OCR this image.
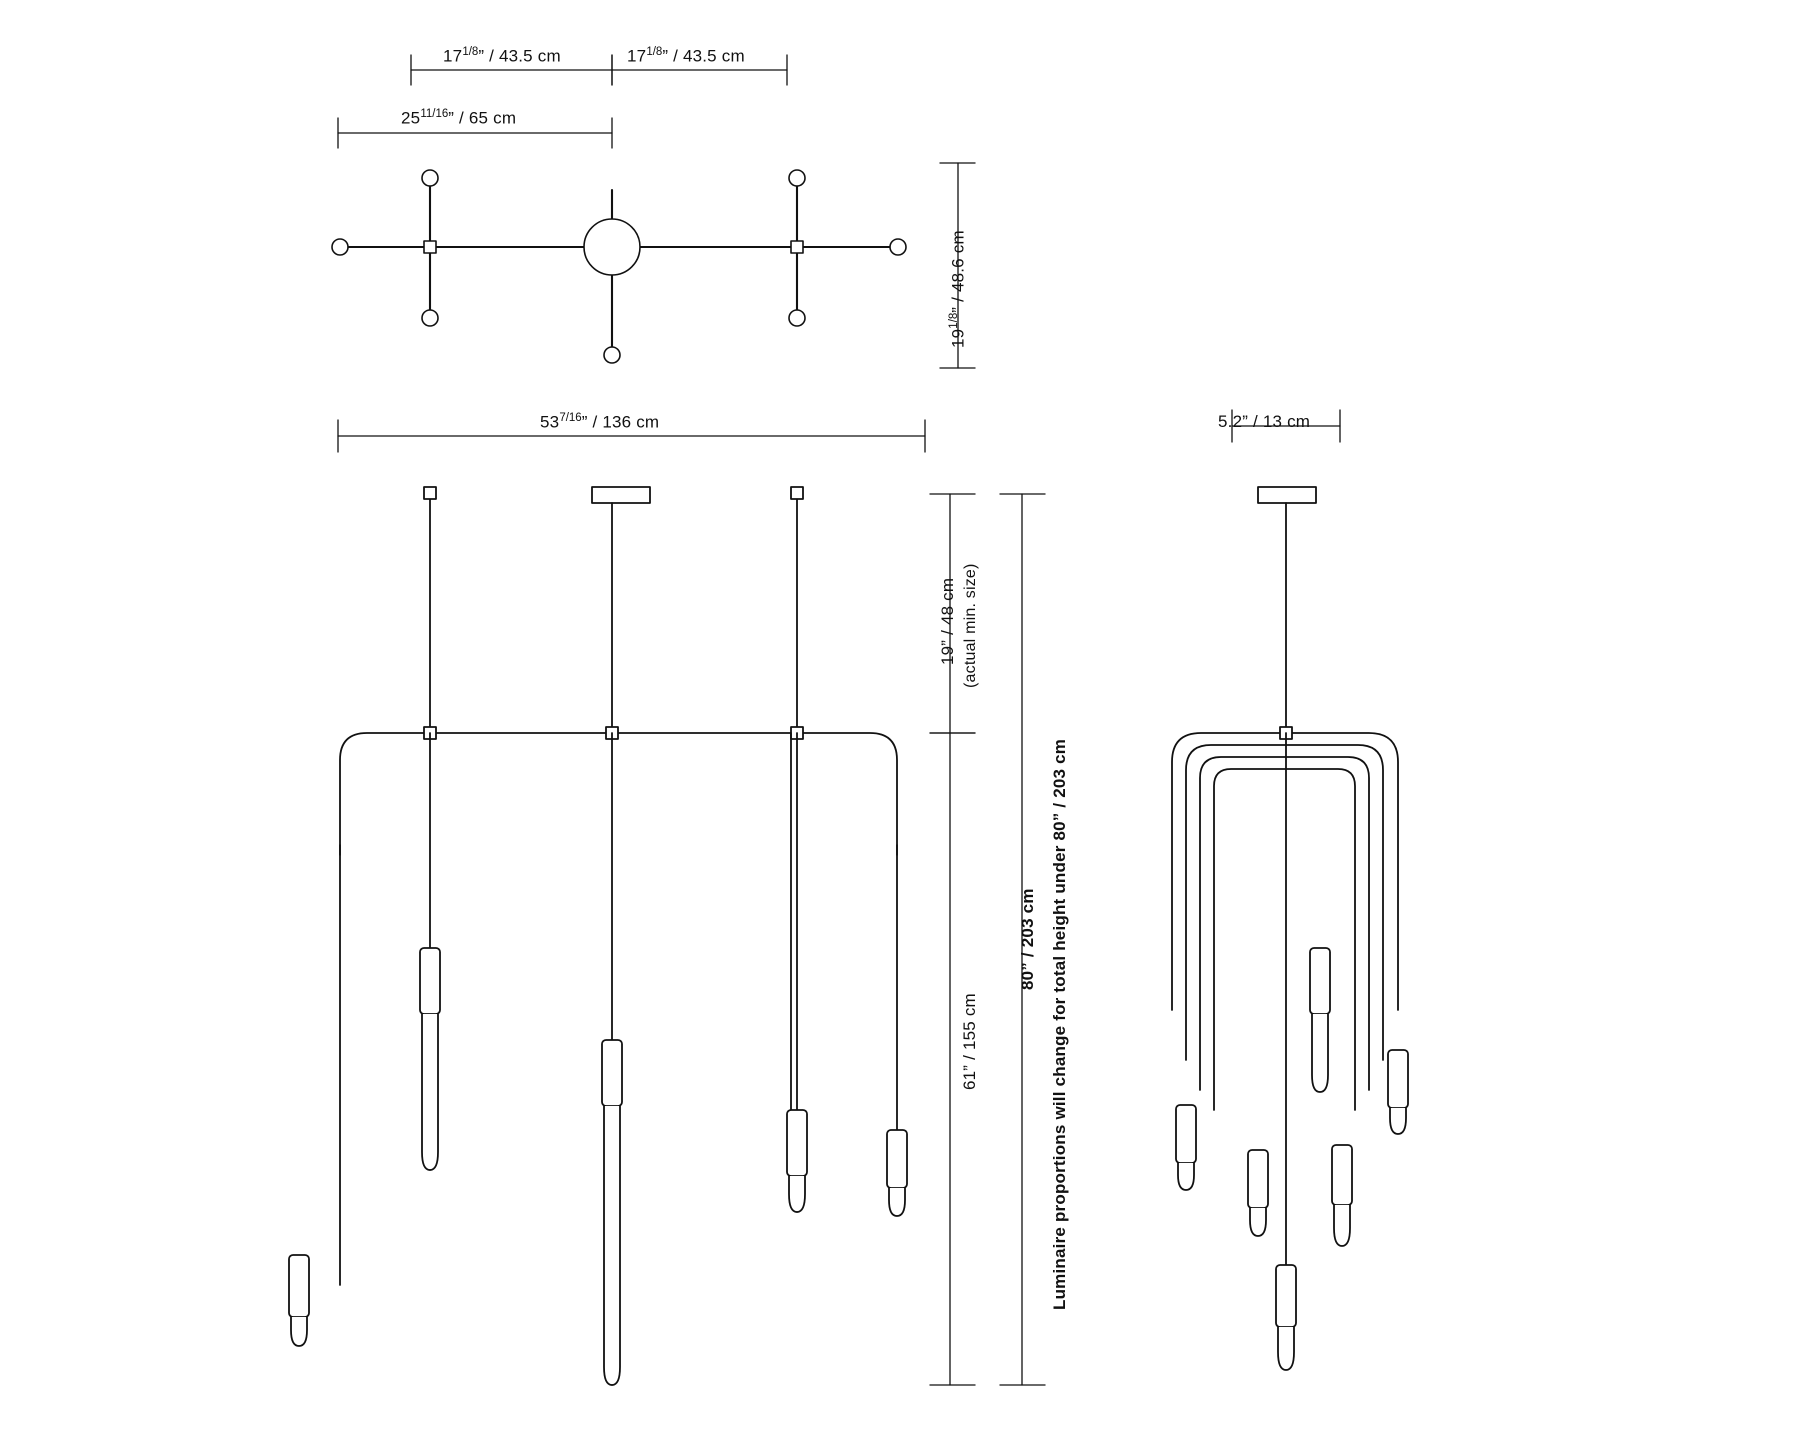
$17^{1/8}$” / 43.5 cm	$17^{1/8}$” / 43.5 cm
$25^{11/16}$” / 65 cm
$19^{1/8}$” / 48.6 cm
$53^{7/16}$” / 136 cm
19” / 48 cm (actual min. size)
61” / 155 cm
80” / 203 cm Luminaire proportions will change for total height under 80” / 203 cm
5.2” / 13 cm
